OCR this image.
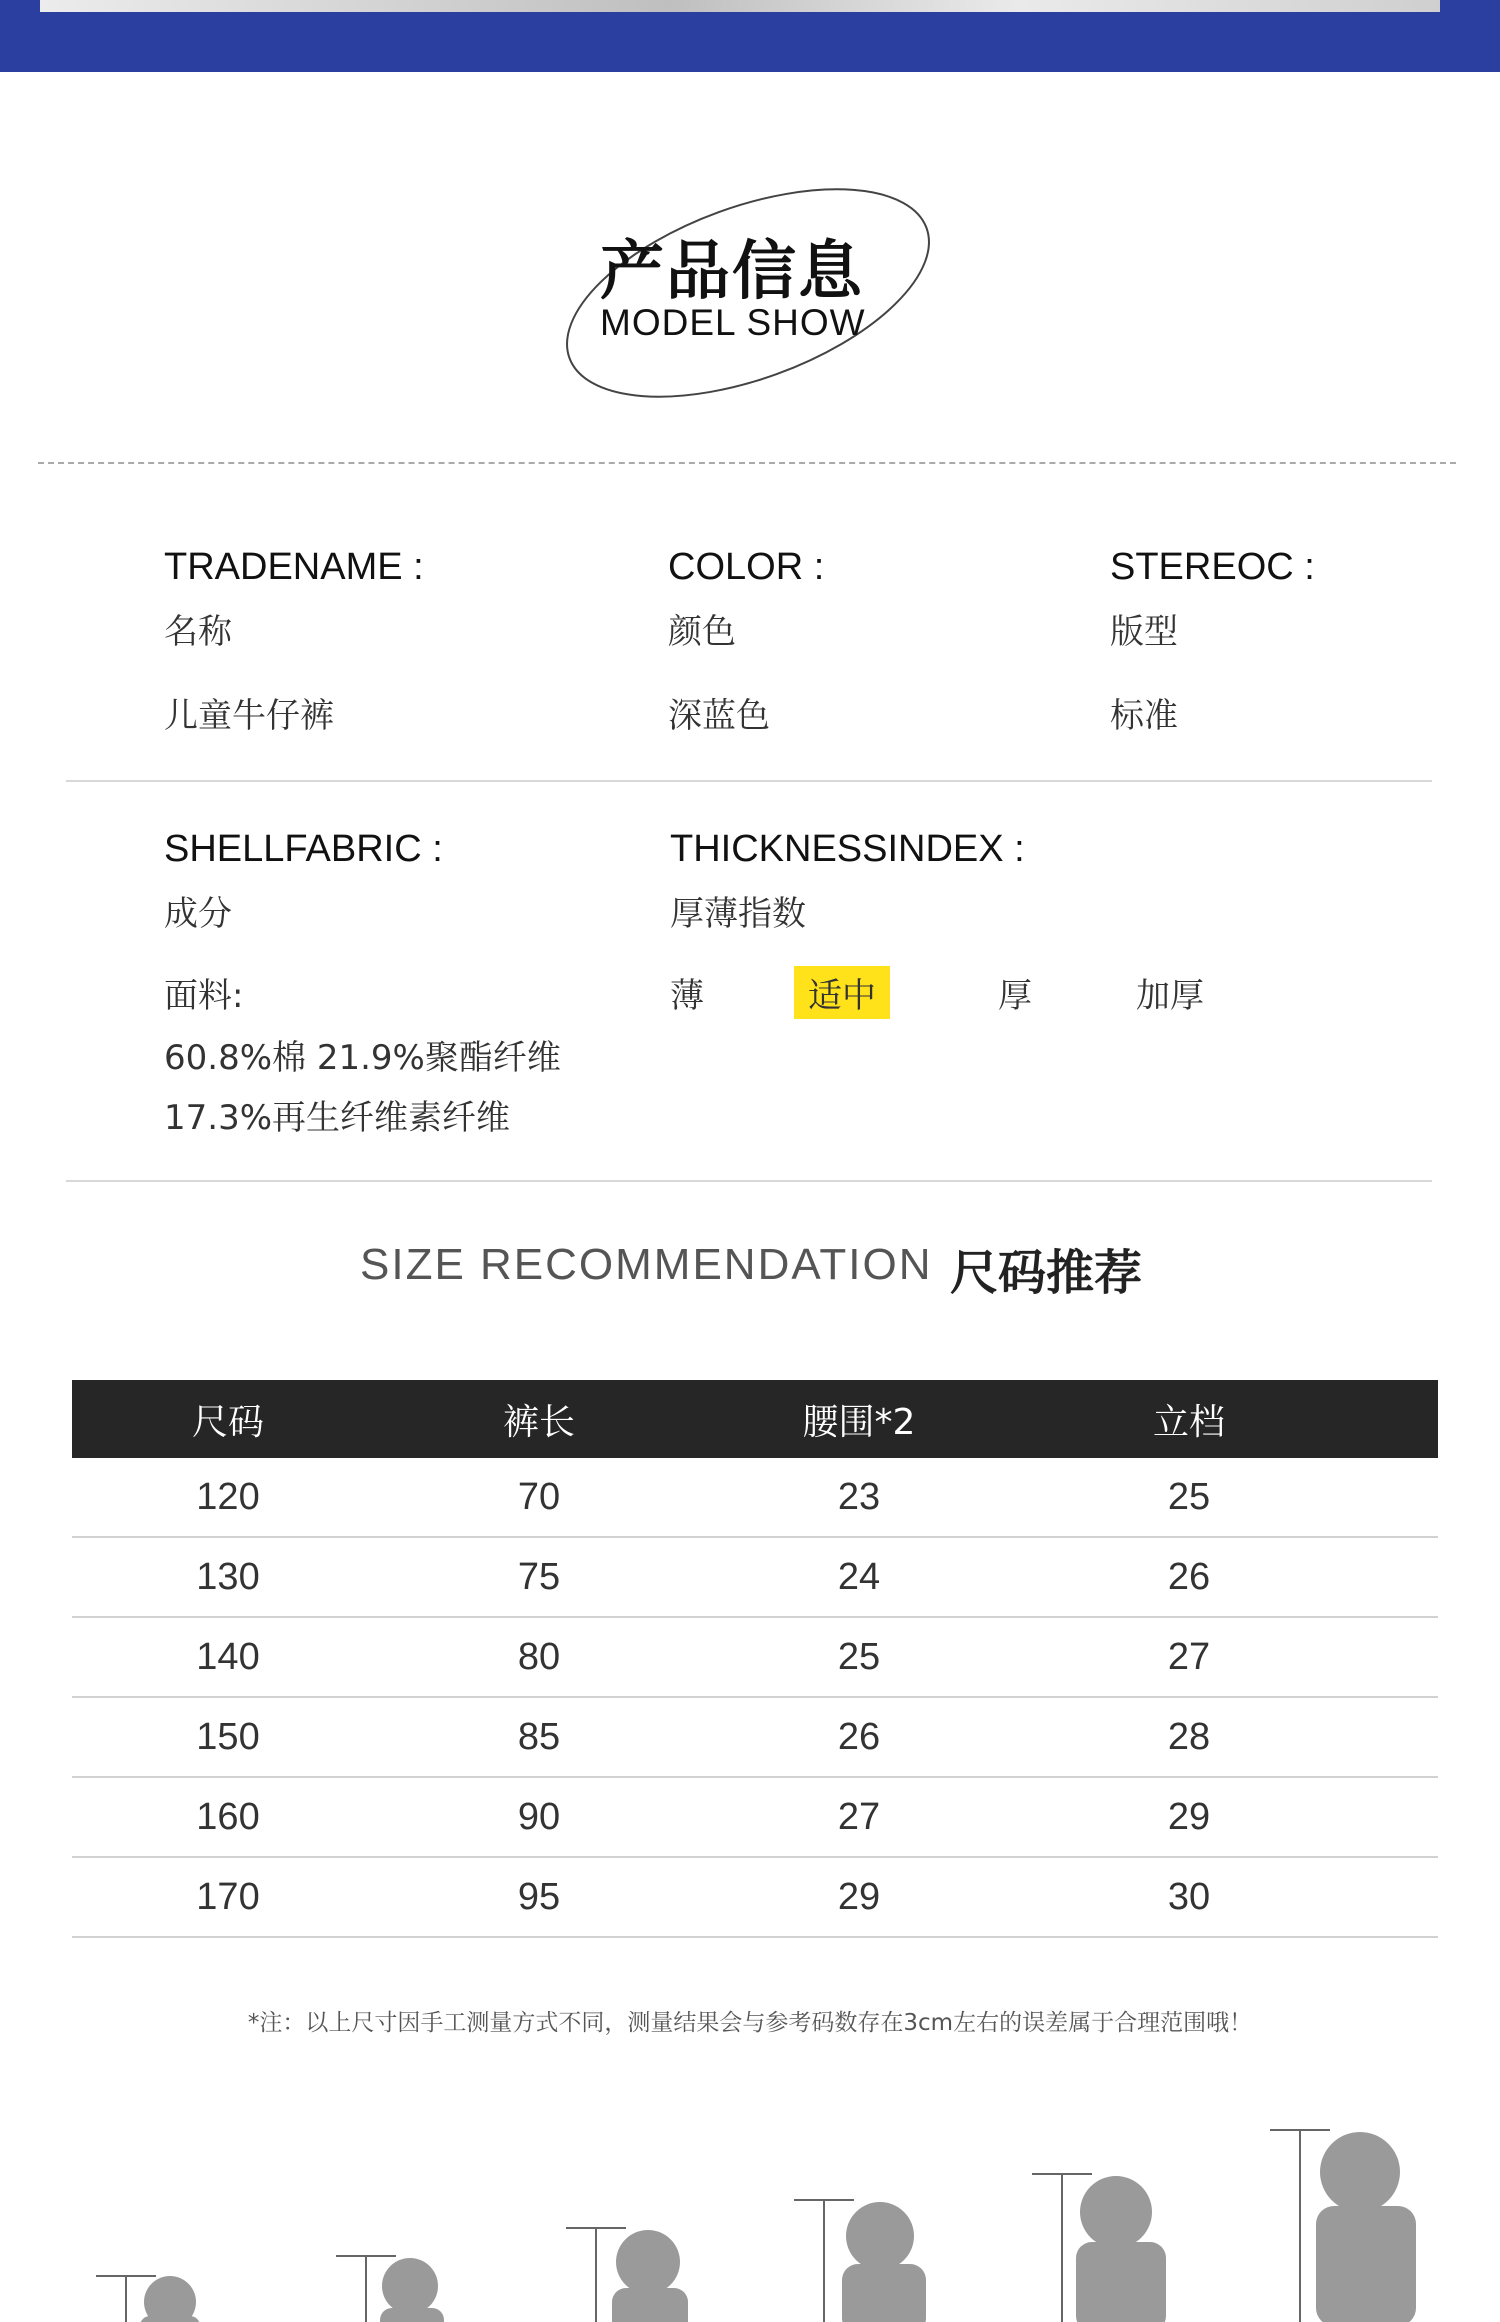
产品信息
MODEL SHOW
TRADENAME :
名称
儿童牛仔裤
COLOR :
颜色
深蓝色
STEREOC :
版型
标准
SHELLFABRIC :
成分
面料:
60.8%棉 21.9%聚酯纤维
17.3%再生纤维素纤维
THICKNESSINDEX :
厚薄指数
薄	适中	厚	加厚
SIZE RECOMMENDATION 尺码推荐
尺码	裤长	腰围*2	立档
120	70	23	25
130	75	24	26
140	80	25	27
150	85	26	28
160	90	27	29
170	95	29	30
*注：以上尺寸因手工测量方式不同，测量结果会与参考码数存在3cm左右的误差属于合理范围哦！
